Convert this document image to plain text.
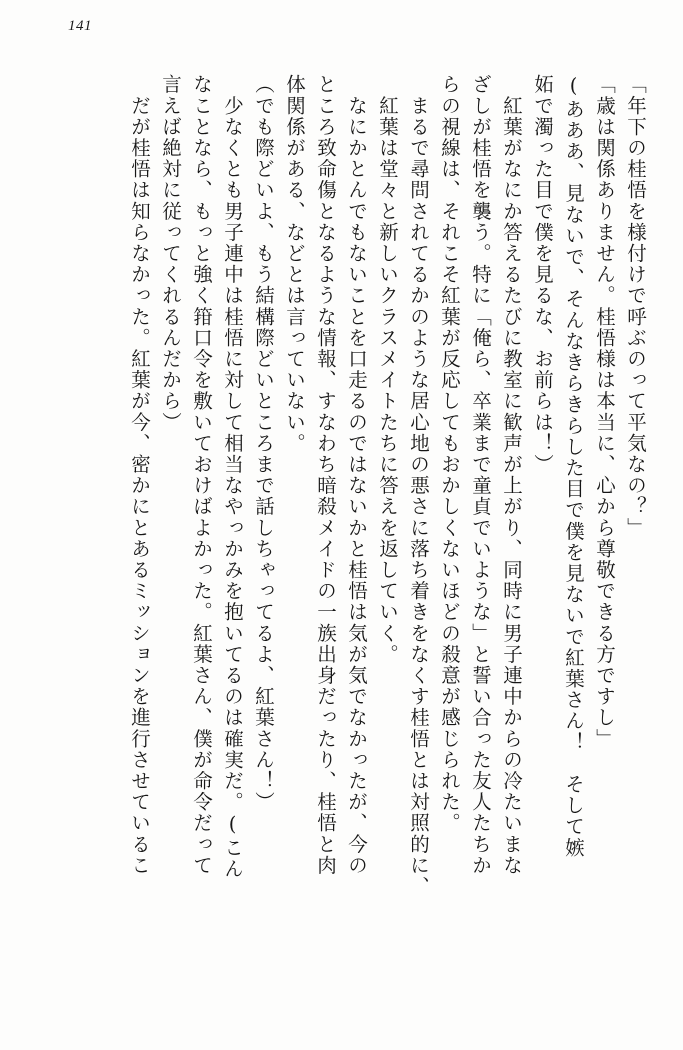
141
「年下の桂悟を様付けで呼ぶのって平気なの？」
「歳は関係ありません。桂悟様は本当に、心から尊敬できる方ですし」
(あああ、見ないで、そんなきらきらした目で僕を見ないで紅葉さん！　そして嫉
妬で濁った目で僕を見るな、お前らは！）
　紅葉がなにか答えるたびに教室に歓声が上がり、同時に男子連中からの冷たいまな
ざしが桂悟を襲う。特に「俺ら、卒業まで童貞でいような」と誓い合った友人たちか
らの視線は、それこそ紅葉が反応してもおかしくないほどの殺意が感じられた。
　まるで尋問されてるかのような居心地の悪さに落ち着きをなくす桂悟とは対照的に、
　紅葉は堂々と新しいクラスメイトたちに答えを返していく。
　なにかとんでもないことを口走るのではないかと桂悟は気が気でなかったが、今の
ところ致命傷となるような情報、すなわち暗殺メイドの一族出身だったり、桂悟と肉
体関係がある、などとは言っていない。
（でも際どいよ、もう結構際どいところまで話しちゃってるよ、紅葉さん！）
　少なくとも男子連中は桂悟に対して相当なやっかみを抱いてるのは確実だ。(こん
なことなら、もっと強く箝口令を敷いておけばよかった。紅葉さん、僕が命令だって
言えば絶対に従ってくれるんだから）
　だが桂悟は知らなかった。紅葉が今、密かにとあるミッションを進行させているこ
